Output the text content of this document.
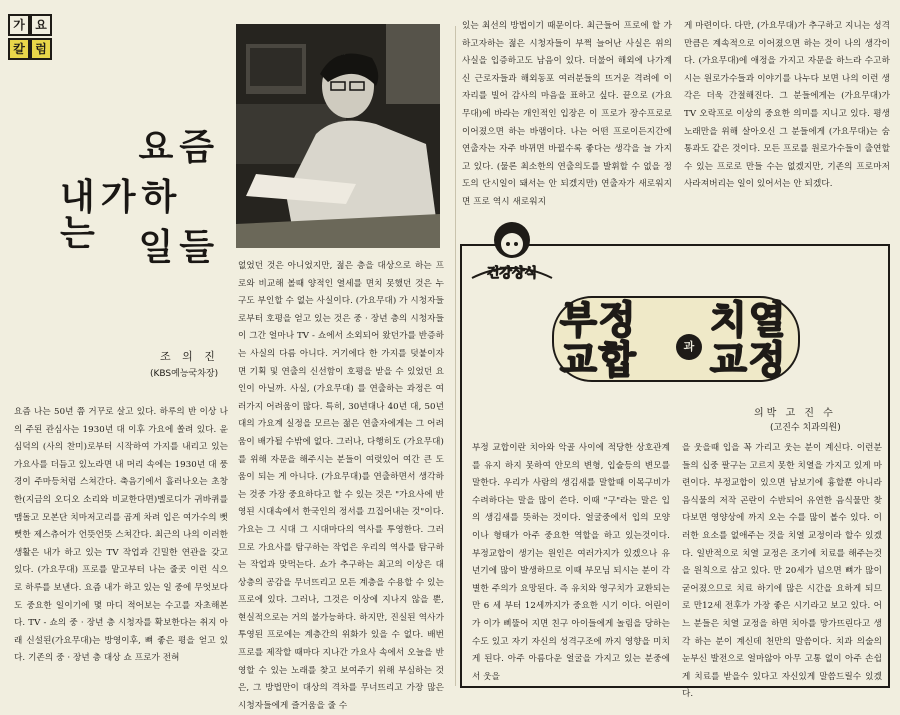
가 요
칼 럼
요즘
내가하는	일들
조 의 진
(KBS예능국차장)

요즘 나는 50년 쯤 거꾸로 살고 있다. 하루의 반 이상 나의 주된 관심사는 1930년 대 이후 가요에 쏠려 있다. 윤 심덕의 (사의 찬미)로부터 시작하여 가지를 내리고 있는 가요사를 더듬고 있노라면 내 머리 속에는 1930년 대 풍경이 주마등처럼 스쳐간다. 축음기에서 흘러나오는 초창한(지금의 오디오 소리와 비교한다면)멜로디가 귀바퀴를 맴돌고 모본단 치마저고리를 곱게 차려 입은 여가수의 뻣뻣한 제스츄어가 언뜻언뜻 스쳐간다. 최근의 나의 이러한 생활은 내가 하고 있는 TV 작업과 긴밀한 연관을 갖고 있다. (가요무대) 프로를 맡고부터 나는 줄곳 이런 식으로 하루를 보낸다. 요즘 내가 하고 있는 일 중에 무엇보다도 중요한 일이기에 몇 마디 적어보는 수고를 자초해본다. TV - 쇼의 중 · 장년 층 시청자를 확보한다는 취지 아래 신설된(가요무대)는 방영이후, 뼈 좋은 평을 얻고 있다. 기존의 중 · 장년 층 대상 쇼 프로가 전혀

없었던 것은 아니었지만, 젊은 층을 대상으로 하는 프로와 비교해 볼때 양적인 열세를 면치 못했던 것은 누구도 부인할 수 없는 사실이다. (가요무대) 가 시청자들로부터 호평을 얻고 있는 것은 중 · 장년 층의 시청자들이 그간 얼마나 TV - 쇼에서 소외되어 왔던가를 반증하는 사실의 다름 아니다. 거기에다 한 가지를 덧붙이자면 기획 및 연출의 신선함이 호평을 받을 수 있었던 요인이 아닐까. 사실, (가요무대) 를 연출하는 과정은 여러가지 어려움이 많다. 특히, 30년대나 40년 대, 50년 대의 가요계 실정을 모르는 젊은 연출자에게는 그 어려움이 배가될 수밖에 없다. 그러나, 다행히도 (가요무대)를 위해 자문을 해주시는 분들이 여럿있어 여간 큰 도움이 되는 게 아니다. (가요무대)를 연출하면서 생각하는 것중 가장 중요하다고 할 수 있는 것은 "가요사에 반영된 시대속에서 한국인의 정서를 끄집어내는 것"이다. 가요는 그 시대 그 시대마다의 역사를 투영한다. 그러므로 가요사를 탐구하는 작업은 우리의 역사를 탐구하는 작업과 맞먹는다. 쇼가 추구하는 최고의 이상은 대상층의 공감을 무너뜨리고 모든 계층을 수용할 수 있는 프로에 있다. 그러나, 그것은 이상에 지나지 않을 뿐, 현실적으로는 거의 불가능하다. 하지만, 진실된 역사가 투영된 프로에는 계층간의 위화가 있을 수 없다. 배번 프로를 제작할 때마다 지나간 가요사 속에서 오늘을 반영할 수 있는 노래를 찾고 보여주기 위해 부심하는 것은, 그 방법만이 대상의 격차를 무너뜨리고 가장 많은 시청자들에게 즐거움을 줄 수

있는 최선의 방법이기 때문이다. 최근들어 프로에 할 가하고자하는 젊은 시청자들이 부쩍 늘어난 사실은 위의 사실을 입증하고도 남음이 있다. 더불어 해외에 나가계신 근로자들과 해외동포 여러분들의 뜨거운 격려에 이자리를 빌어 감사의 마음을 표하고 싶다. 끝으로 (가요무대)에 바라는 개인적인 입장은 이 프로가 장수프로로 이어졌으면 하는 바램이다. 나는 어떤 프로이든지간에 연출자는 자주 바뀌면 바뀔수록 좋다는 생각을 늘 가지고 있다. (물론 최소한의 연출의도를 발휘할 수 없을 정도의 단시일이 돼서는 안 되겠지만) 연출자가 새로워지면 프로 역시 새로워지

게 마련이다. 다만, (가요무대)가 추구하고 지니는 성격만큼은 계속적으로 이어졌으면 하는 것이 나의 생각이다. (가요무대)에 애정을 가지고 자문을 하느라 수고하시는 원로가수들과 이야기를 나누다 보면 나의 이런 생각은 더욱 간절해진다. 그 분들에게는 (가요무대)가 TV 오락프로 이상의 중요한 의미를 지니고 있다. 평생 노래만을 위해 살아오신 그 분들에게 (가요무대)는 숨통과도 같은 것이다. 모든 프로를 원로가수들이 출연할 수 있는 프로로 만들 수는 없겠지만, 기존의 프로마저 사라져버리는 일이 있어서는 안 되겠다.

건강상식
부정교합
치열교정
과
의박 고 진 수
(고진수 치과의원)

부정 교합이란 치아와 악골 사이에 적당한 상호관계를 유지 하지 못하여 안모의 변형, 입술등의 변모를 말한다. 우리가 사람의 생김새를 말할때 이목구비가 수려하다는 말을 많이 쓴다. 이때 "구"라는 말은 입의 생김새를 뜻하는 것이다. 얼굴중에서 입의 모양 이나 형태가 아주 중요한 역할을 하고 있는것이다. 부정교합이 생기는 원인은 여러가지가 있겠으나 유년기에 많이 발생하므로 이때 부모님 되시는 분이 각별한 주의가 요망된다. 즉 유치와 영구치가 교환되는 만 6 세 부터 12세까지가 중요한 시기 이다. 어린이가 이가 삐뚤어 지면 친구 아이들에게 놀림을 당하는 수도 있고 자기 자신의 성격구조에 까지 영향을 미치게 된다. 아주 아름다운 얼굴을 가지고 있는 분중에서 웃을

을 웃을때 입을 꼭 가리고 웃는 분이 계신다. 이런분들의 십중 팔구는 고르지 못한 치열을 가지고 있게 마련이다. 부정교합이 있으면 남보기에 흉할뿐 아니라 음식물의 저작 곤란이 수반되어 유연한 음식물만 찾다보면 영양상에 까지 오는 수를 많이 볼수 있다. 이러한 요소를 없애주는 것을 치열 교정이라 할수 있겠다. 일반적으로 치열 교정은 조기에 치료를 해주는것을 원칙으로 삼고 있다. 만 20세가 넘으면 뼈가 많이 굳어졌으므로 치료 하기에 많은 시간을 요하게 되므로 만12세 전후가 가장 좋은 시기라고 보고 있다. 어느 분들은 치열 교정을 하면 치아를 망가뜨린다고 생각 하는 분이 계신데 천만의 말씀이다. 치과 의술의 눈부신 발전으로 얼마않아 아무 고통 없이 아주 손쉽게 치료를 받을수 있다고 자신있게 말씀드릴수 있겠다.
